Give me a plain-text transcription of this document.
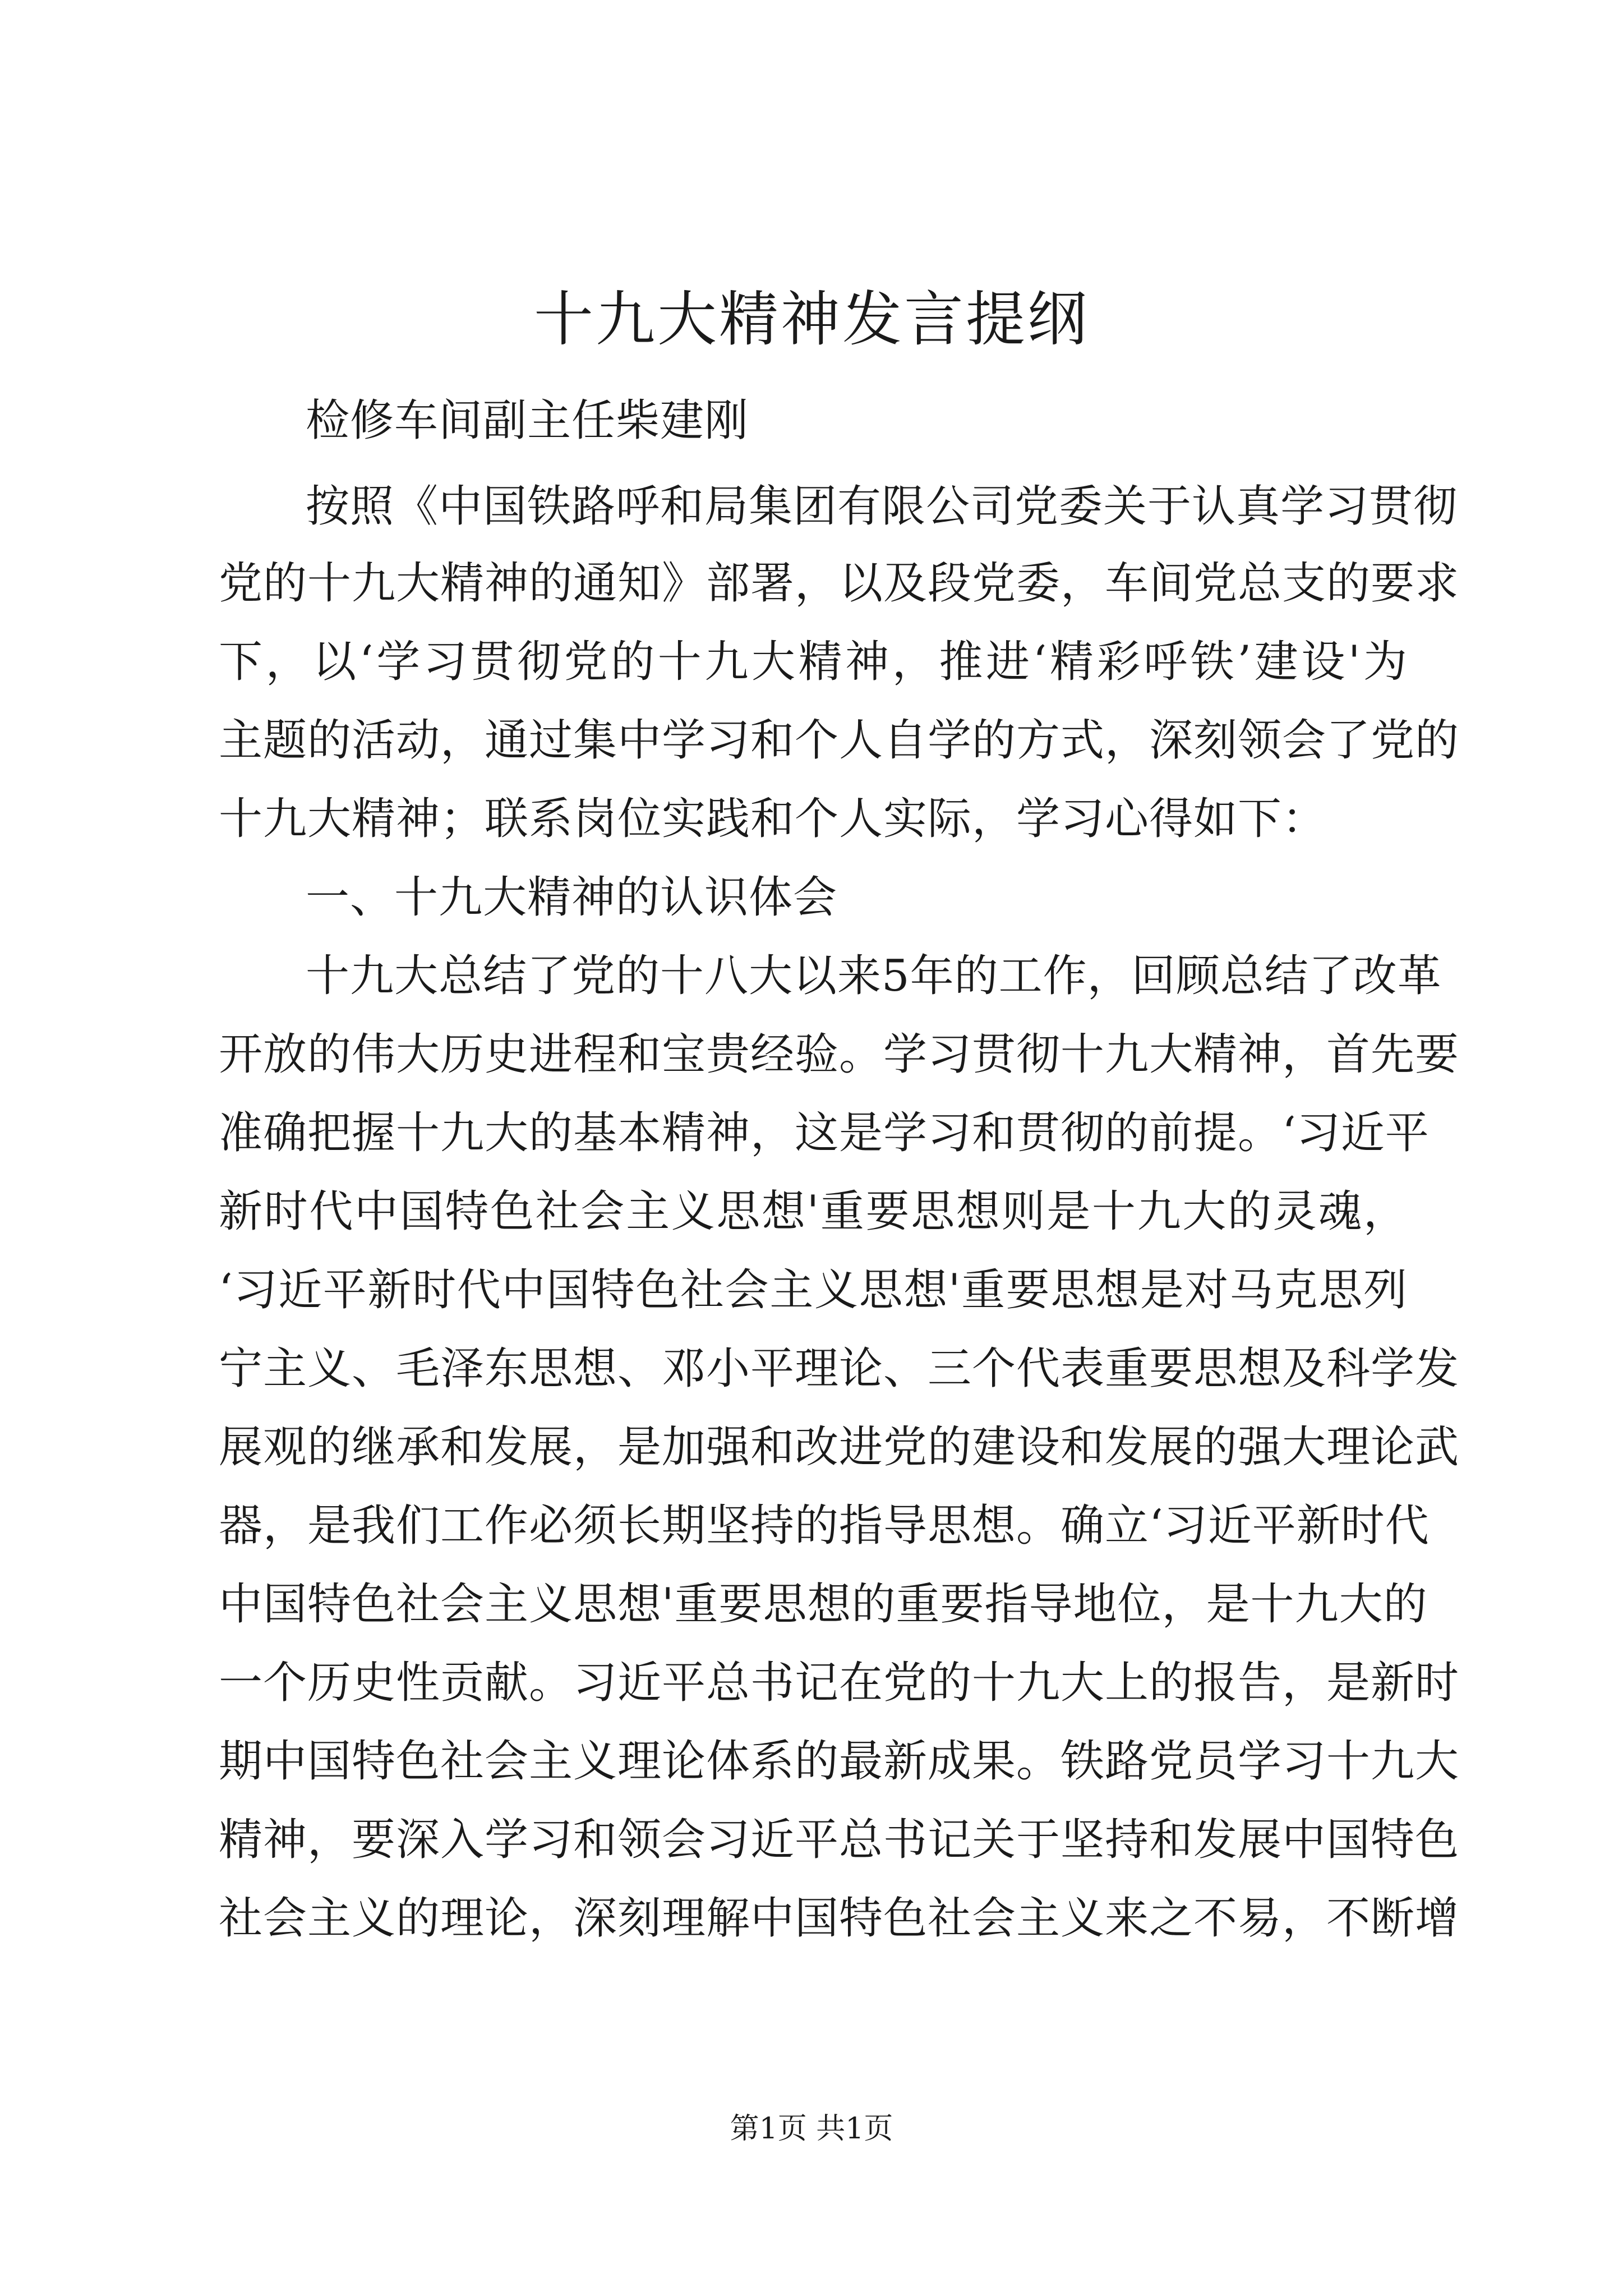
十九大精神发言提纲
检修车间副主任柴建刚
按照《中国铁路呼和局集团有限公司党委关于认真学习贯彻
党的十九大精神的通知》部署，以及段党委，车间党总支的要求
下，以‘学习贯彻党的十九大精神，推进‘精彩呼铁’建设'为
主题的活动，通过集中学习和个人自学的方式，深刻领会了党的
十九大精神；联系岗位实践和个人实际，学习心得如下：
一、十九大精神的认识体会
十九大总结了党的十八大以来5年的工作，回顾总结了改革
开放的伟大历史进程和宝贵经验。学习贯彻十九大精神，首先要
准确把握十九大的基本精神，这是学习和贯彻的前提。‘习近平
新时代中国特色社会主义思想'重要思想则是十九大的灵魂，
‘习近平新时代中国特色社会主义思想'重要思想是对马克思列
宁主义、毛泽东思想、邓小平理论、三个代表重要思想及科学发
展观的继承和发展，是加强和改进党的建设和发展的强大理论武
器，是我们工作必须长期坚持的指导思想。确立‘习近平新时代
中国特色社会主义思想'重要思想的重要指导地位，是十九大的
一个历史性贡献。习近平总书记在党的十九大上的报告，是新时
期中国特色社会主义理论体系的最新成果。铁路党员学习十九大
精神，要深入学习和领会习近平总书记关于坚持和发展中国特色
社会主义的理论，深刻理解中国特色社会主义来之不易，不断增
第1页 共1页
